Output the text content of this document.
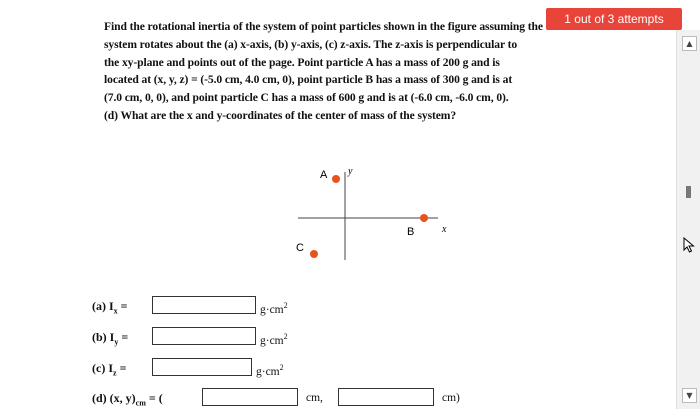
1 out of 3 attempts
Find the rotational inertia of the system of point particles shown in the figure assuming the
system rotates about the (a) x-axis, (b) y-axis, (c) z-axis. The z-axis is perpendicular to
the xy-plane and points out of the page. Point particle A has a mass of 200 g and is
located at (x, y, z) = (-5.0 cm, 4.0 cm, 0), point particle B has a mass of 300 g and is at
(7.0 cm, 0, 0), and point particle C has a mass of 600 g and is at (-6.0 cm, -6.0 cm, 0).
(d) What are the x and y-coordinates of the center of mass of the system?
y
x
A
B
C
(a) $I_x$ =	$g\cdot cm^2$
(b) $I_y$ =	$g\cdot cm^2$
(c) $I_z$ =	$g\cdot cm^2$
(d) (x, $y)_{cm}$ = (	cm,	cm)
▲
▼
